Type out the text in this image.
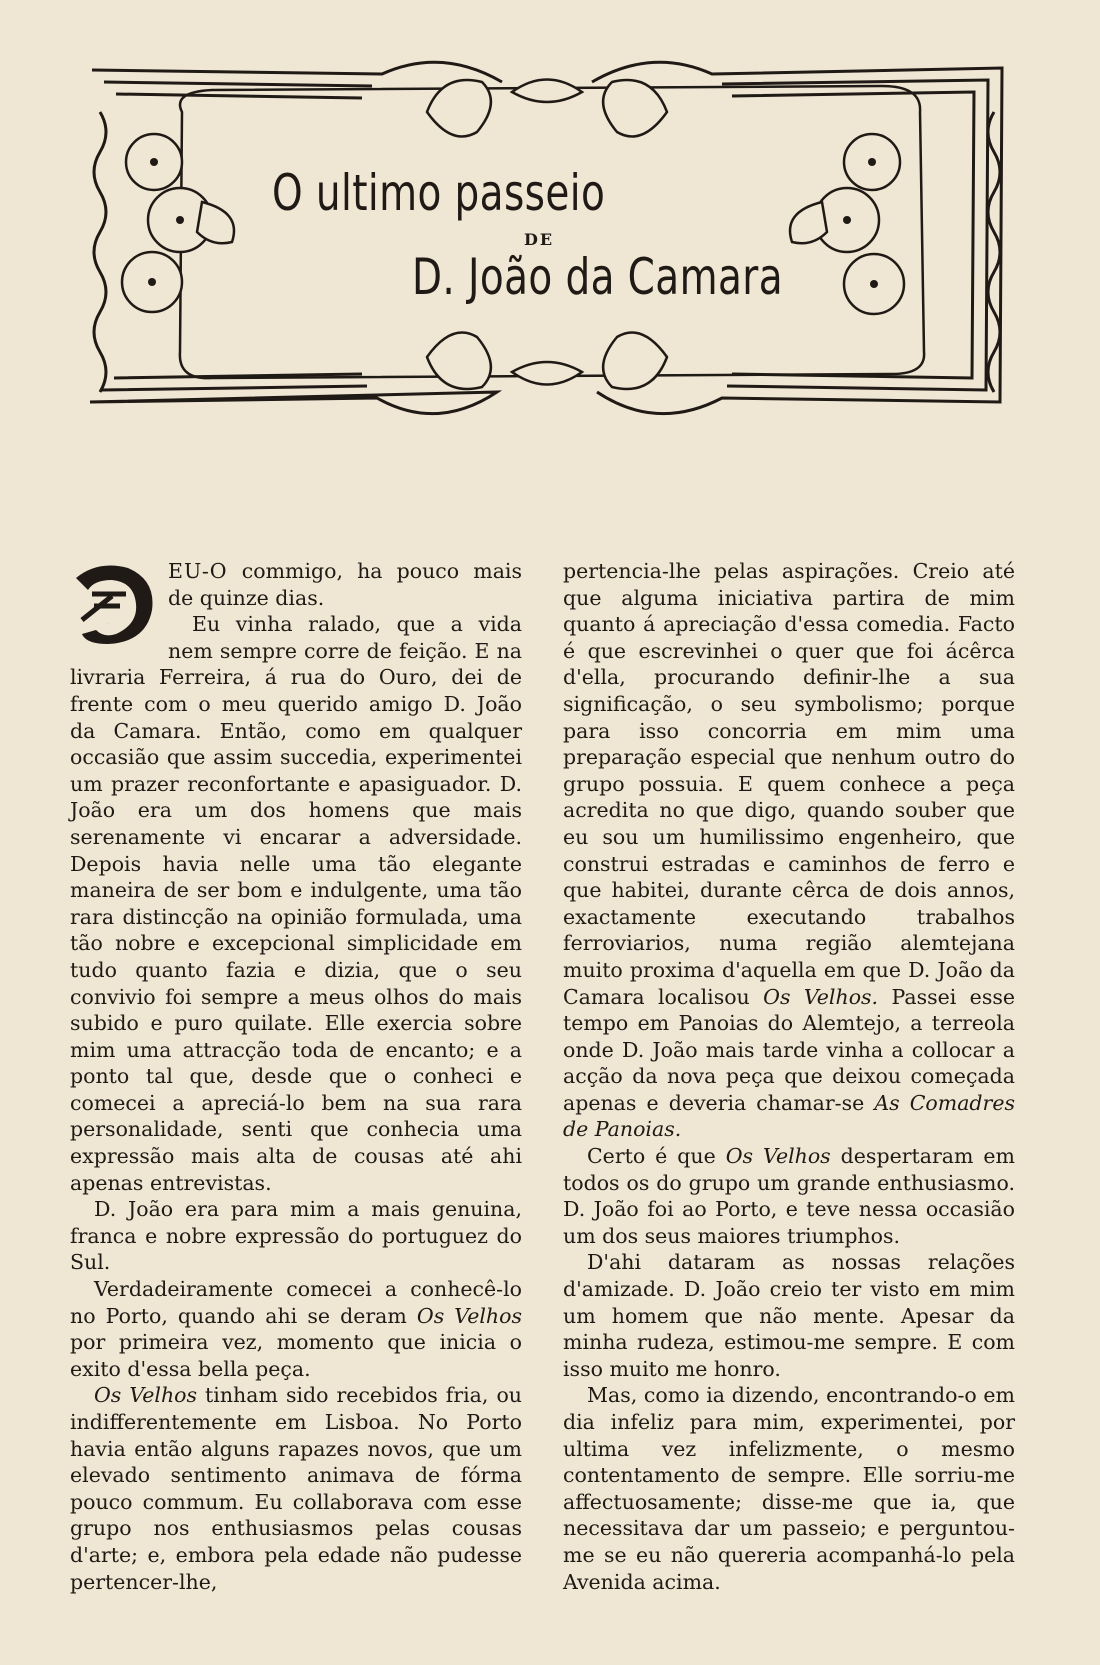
O ultimo passeio
DE
D. João da Camara

D
EU-O commigo, ha pouco mais de quinze dias.

Eu vinha ralado, que a vida nem sempre corre de feição. E na livraria Ferreira, á rua do Ouro, dei de frente com o meu querido amigo D. João da Camara. Então, como em qualquer occasião que assim succedia, experimentei um prazer reconfortante e apasiguador. D. João era um dos homens que mais serenamente vi encarar a adversidade. Depois havia nelle uma tão elegante maneira de ser bom e indulgente, uma tão rara distincção na opinião formulada, uma tão nobre e excepcional simplicidade em tudo quanto fazia e dizia, que o seu convivio foi sempre a meus olhos do mais subido e puro quilate. Elle exercia sobre mim uma attracção toda de encanto; e a ponto tal que, desde que o conheci e comecei a apreciá-lo bem na sua rara personalidade, senti que conhecia uma expressão mais alta de cousas até ahi apenas entrevistas.

D. João era para mim a mais genuina, franca e nobre expressão do portuguez do Sul.

Verdadeiramente comecei a conhecê-lo no Porto, quando ahi se deram Os Velhos por primeira vez, momento que inicia o exito d'essa bella peça.

Os Velhos tinham sido recebidos fria, ou indifferentemente em Lisboa. No Porto havia então alguns rapazes novos, que um elevado sentimento animava de fórma pouco commum. Eu collaborava com esse grupo nos enthusiasmos pelas cousas d'arte; e, embora pela edade não pudesse pertencer-lhe,

pertencia-lhe pelas aspirações. Creio até que alguma iniciativa partira de mim quanto á apreciação d'essa comedia. Facto é que escrevinhei o quer que foi ácêrca d'ella, procurando definir-lhe a sua significação, o seu symbolismo; porque para isso concorria em mim uma preparação especial que nenhum outro do grupo possuia. E quem conhece a peça acredita no que digo, quando souber que eu sou um humilissimo engenheiro, que construi estradas e caminhos de ferro e que habitei, durante cêrca de dois annos, exactamente executando trabalhos ferroviarios, numa região alemtejana muito proxima d'aquella em que D. João da Camara localisou Os Velhos. Passei esse tempo em Panoias do Alemtejo, a terreola onde D. João mais tarde vinha a collocar a acção da nova peça que deixou começada apenas e deveria chamar-se As Comadres de Panoias.

Certo é que Os Velhos despertaram em todos os do grupo um grande enthusiasmo. D. João foi ao Porto, e teve nessa occasião um dos seus maiores triumphos.

D'ahi dataram as nossas relações d'amizade. D. João creio ter visto em mim um homem que não mente. Apesar da minha rudeza, estimou-me sempre. E com isso muito me honro.

Mas, como ia dizendo, encontrando-o em dia infeliz para mim, experimentei, por ultima vez infelizmente, o mesmo contentamento de sempre. Elle sorriu-me affectuosamente; disse-me que ia, que necessitava dar um passeio; e perguntou-me se eu não quereria acompanhá-lo pela Avenida acima.
